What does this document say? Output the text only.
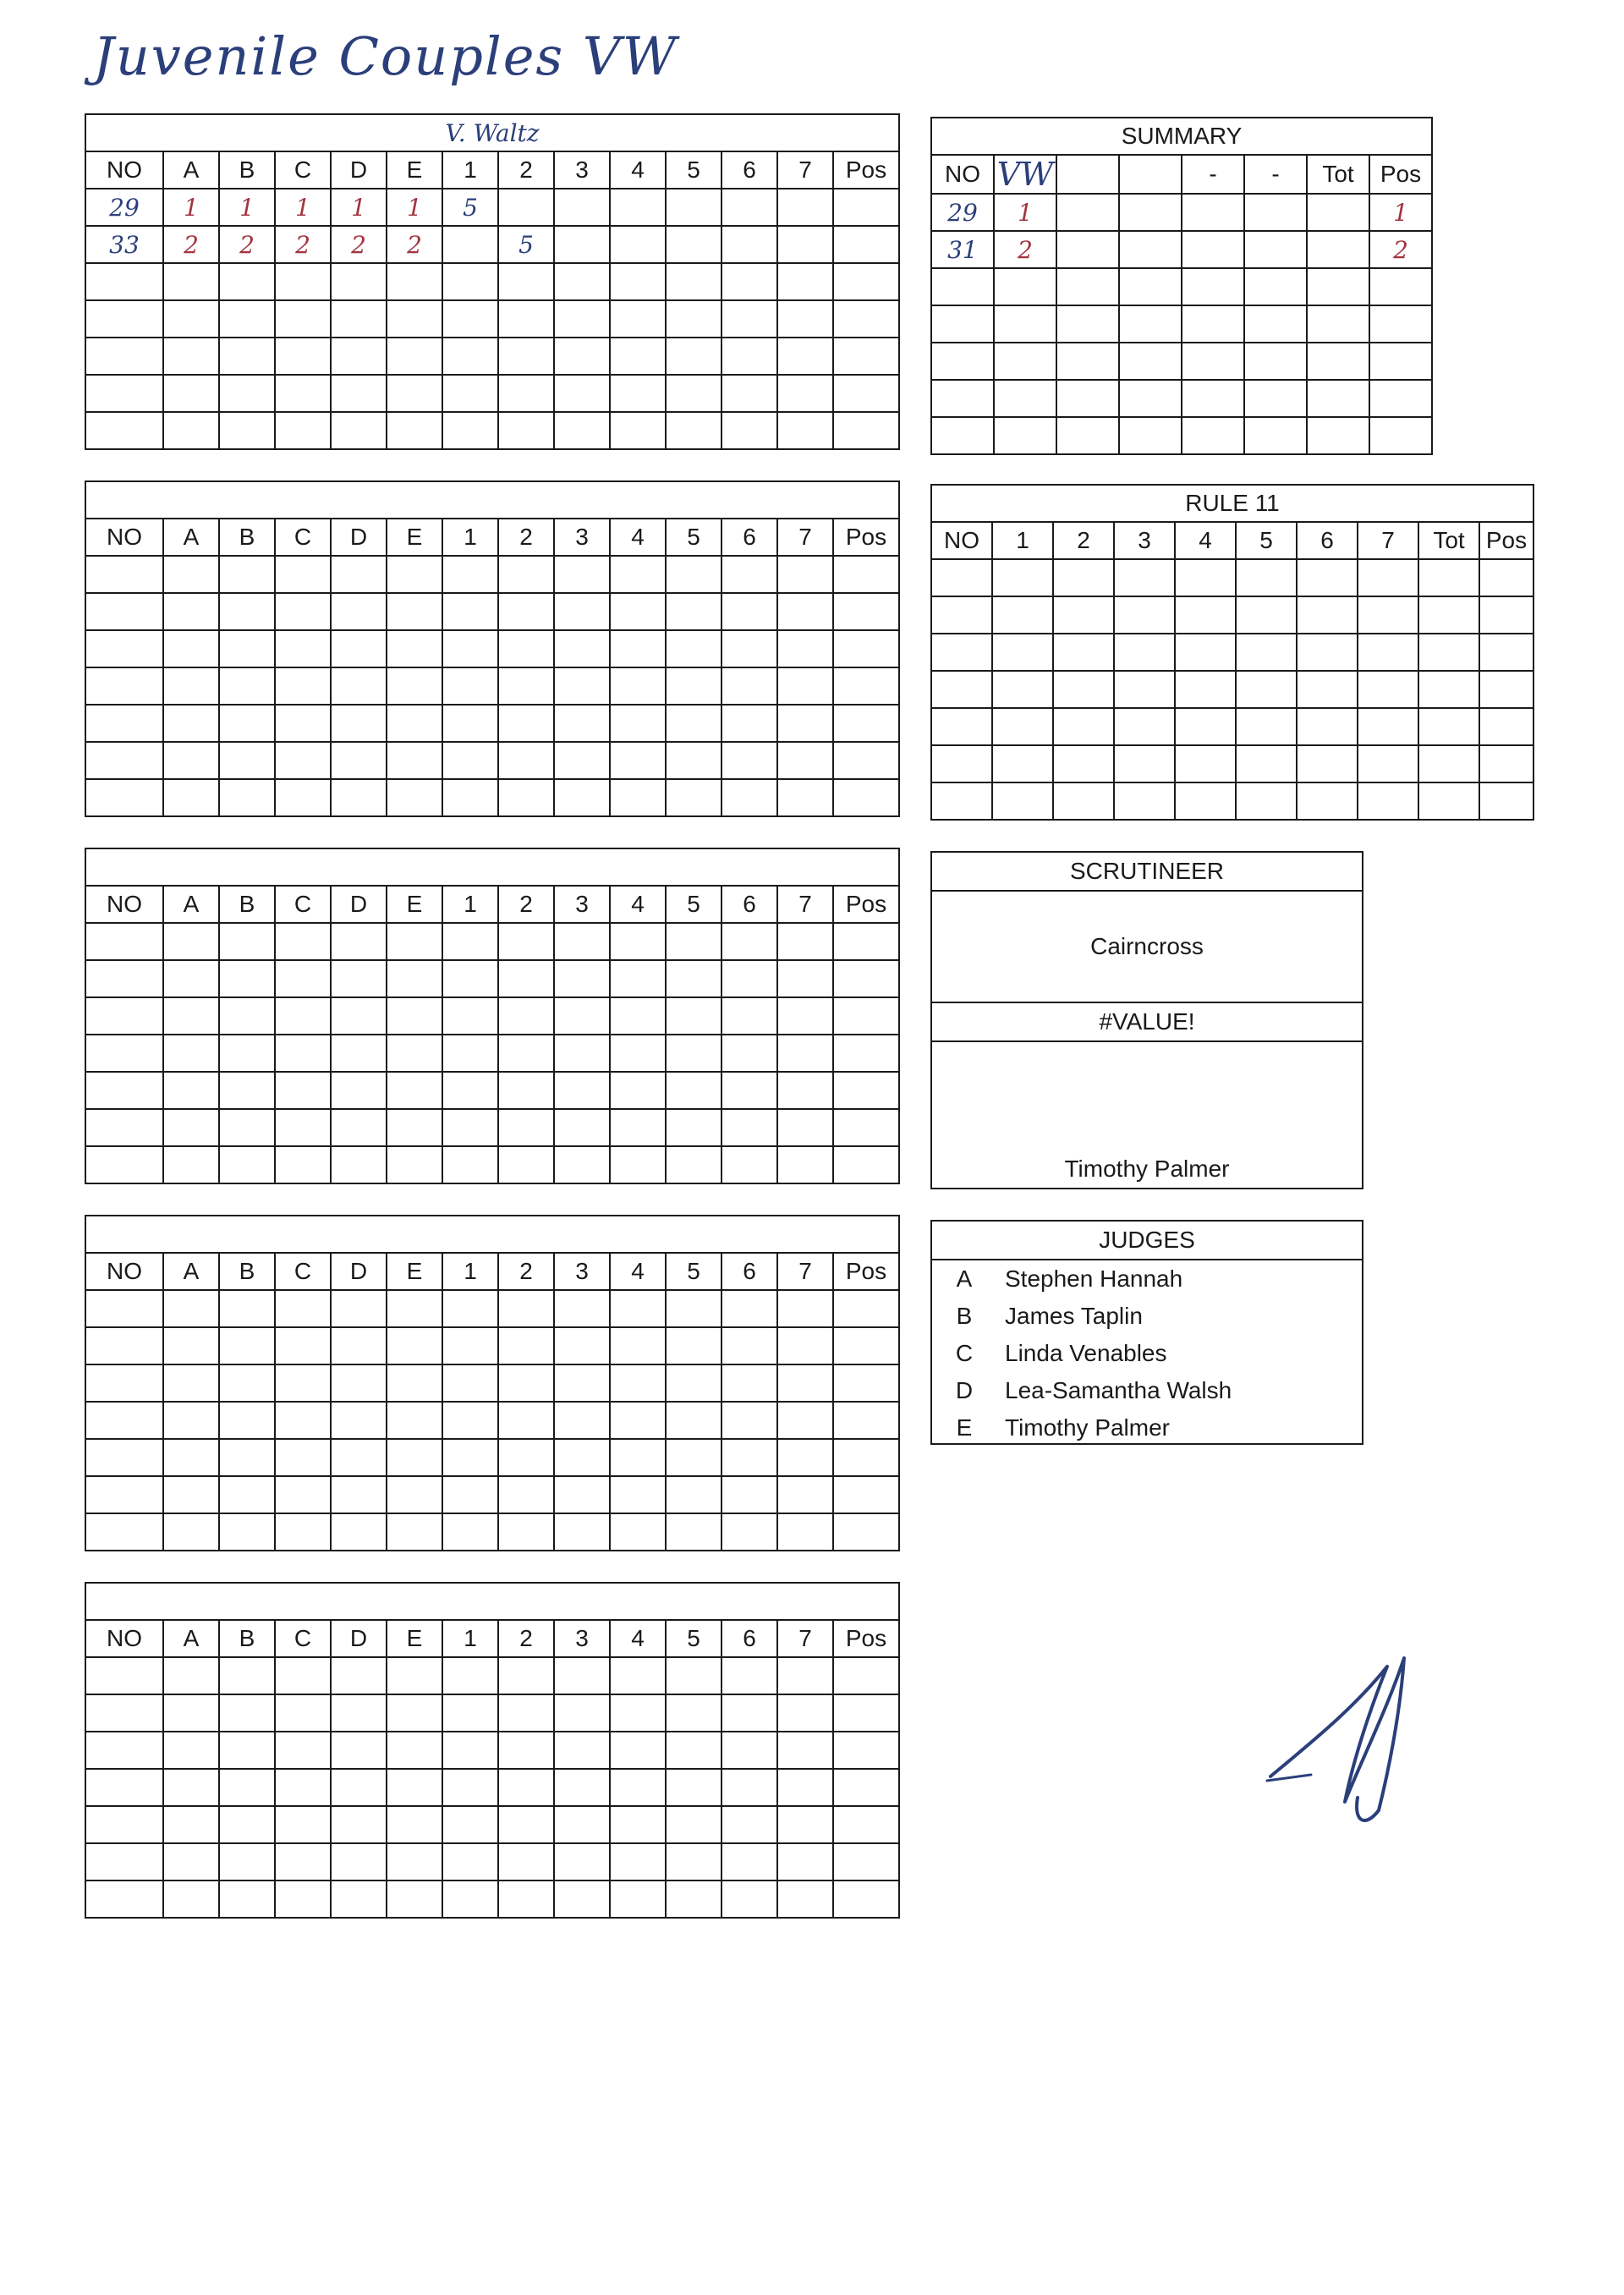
Juvenile Couples VW
V. Waltz													
NO	A	B	C	D	E	1	2	3	4	5	6	7	Pos
29	1	1	1	1	1	5							
33	2	2	2	2	2		5						

NO	A	B	C	D	E	1	2	3	4	5	6	7	Pos

NO	A	B	C	D	E	1	2	3	4	5	6	7	Pos

NO	A	B	C	D	E	1	2	3	4	5	6	7	Pos

NO	A	B	C	D	E	1	2	3	4	5	6	7	Pos

SUMMARY							
NO	VW			-	-	Tot	Pos
29	1						1
31	2						2

RULE 11									
NO	1	2	3	4	5	6	7	Tot	Pos

SCRUTINEER
Cairncross
#VALUE!
Timothy Palmer
JUDGES
A	Stephen Hannah
B	James Taplin
C	Linda Venables
D	Lea-Samantha Walsh
E	Timothy Palmer
